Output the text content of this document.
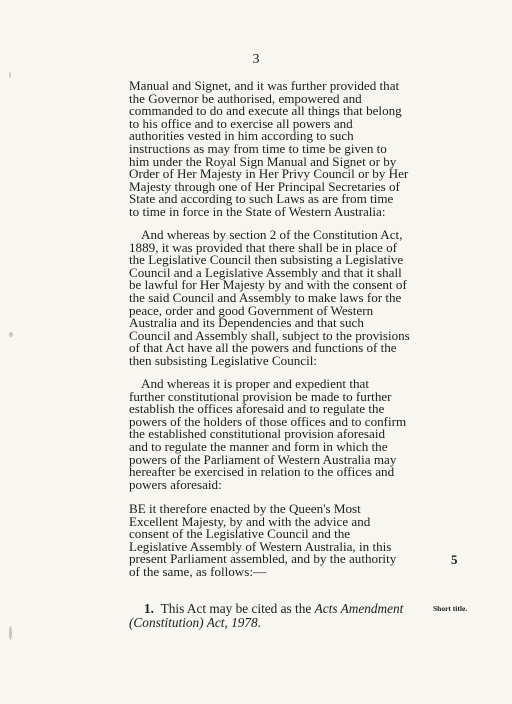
3

Manual and Signet, and it was further provided that
the Governor be authorised, empowered and
commanded to do and execute all things that belong
to his office and to exercise all powers and
authorities vested in him according to such
instructions as may from time to time be given to
him under the Royal Sign Manual and Signet or by
Order of Her Majesty in Her Privy Council or by Her
Majesty through one of Her Principal Secretaries of
State and according to such Laws as are from time
to time in force in the State of Western Australia:

And whereas by section 2 of the Constitution Act,
1889, it was provided that there shall be in place of
the Legislative Council then subsisting a Legislative
Council and a Legislative Assembly and that it shall
be lawful for Her Majesty by and with the consent of
the said Council and Assembly to make laws for the
peace, order and good Government of Western
Australia and its Dependencies and that such
Council and Assembly shall, subject to the provisions
of that Act have all the powers and functions of the
then subsisting Legislative Council:

And whereas it is proper and expedient that
further constitutional provision be made to further
establish the offices aforesaid and to regulate the
powers of the holders of those offices and to confirm
the established constitutional provision aforesaid
and to regulate the manner and form in which the
powers of the Parliament of Western Australia may
hereafter be exercised in relation to the offices and
powers aforesaid:

BE it therefore enacted by the Queen's Most
Excellent Majesty, by and with the advice and
consent of the Legislative Council and the
Legislative Assembly of Western Australia, in this
present Parliament assembled, and by the authority
of the same, as follows:—

5
1. This Act may be cited as the Acts Amendment
(Constitution) Act, 1978.
Short title.
